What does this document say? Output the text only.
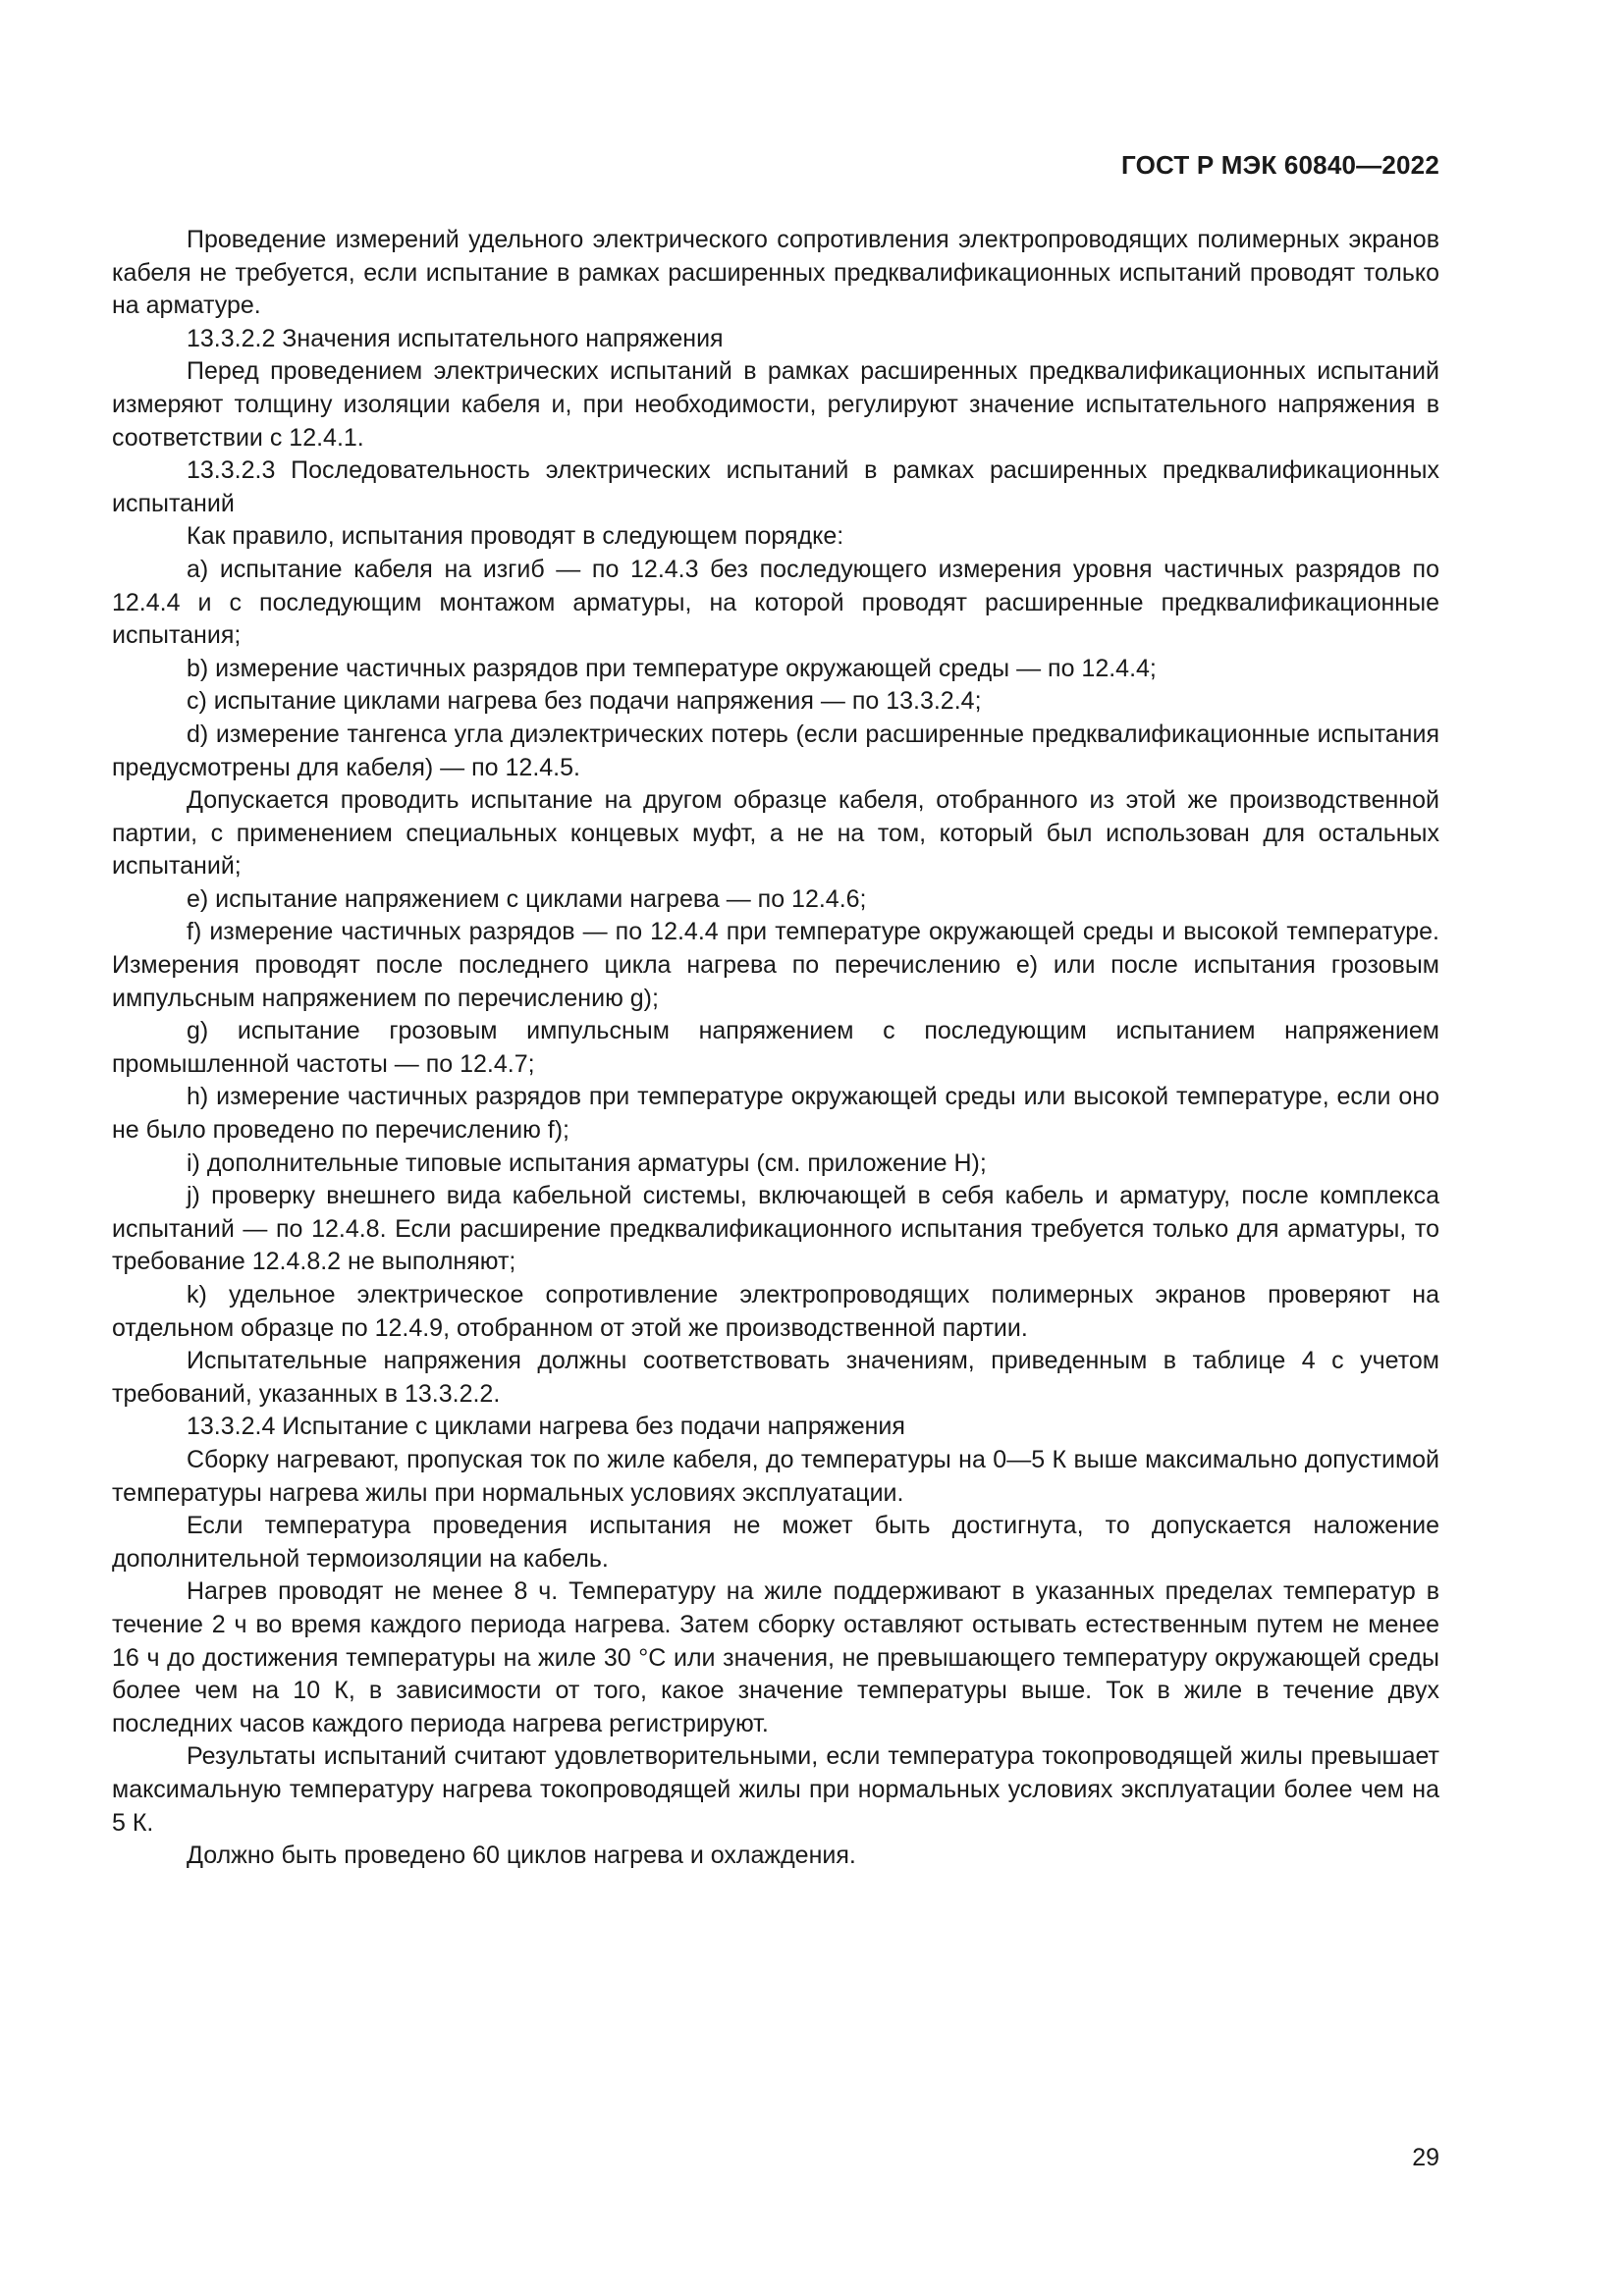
ГОСТ Р МЭК 60840—2022

Проведение измерений удельного электрического сопротивления электропроводящих полимерных экранов кабеля не требуется, если испытание в рамках расширенных предквалификационных испытаний проводят только на арматуре.

13.3.2.2 Значения испытательного напряжения

Перед проведением электрических испытаний в рамках расширенных предквалификационных испытаний измеряют толщину изоляции кабеля и, при необходимости, регулируют значение испытательного напряжения в соответствии с 12.4.1.

13.3.2.3 Последовательность электрических испытаний в рамках расширенных предквалификационных испытаний

Как правило, испытания проводят в следующем порядке:

a) испытание кабеля на изгиб — по 12.4.3 без последующего измерения уровня частичных разрядов по 12.4.4 и с последующим монтажом арматуры, на которой проводят расширенные предквалификационные испытания;

b) измерение частичных разрядов при температуре окружающей среды — по 12.4.4;

c) испытание циклами нагрева без подачи напряжения — по 13.3.2.4;

d) измерение тангенса угла диэлектрических потерь (если расширенные предквалификационные испытания предусмотрены для кабеля) — по 12.4.5.

Допускается проводить испытание на другом образце кабеля, отобранного из этой же производственной партии, с применением специальных концевых муфт, а не на том, который был использован для остальных испытаний;

e) испытание напряжением с циклами нагрева — по 12.4.6;

f) измерение частичных разрядов — по 12.4.4 при температуре окружающей среды и высокой температуре. Измерения проводят после последнего цикла нагрева по перечислению e) или после испытания грозовым импульсным напряжением по перечислению g);

g) испытание грозовым импульсным напряжением с последующим испытанием напряжением промышленной частоты — по 12.4.7;

h) измерение частичных разрядов при температуре окружающей среды или высокой температуре, если оно не было проведено по перечислению f);

i) дополнительные типовые испытания арматуры (см. приложение H);

j) проверку внешнего вида кабельной системы, включающей в себя кабель и арматуру, после комплекса испытаний — по 12.4.8. Если расширение предквалификационного испытания требуется только для арматуры, то требование 12.4.8.2 не выполняют;

k) удельное электрическое сопротивление электропроводящих полимерных экранов проверяют на отдельном образце по 12.4.9, отобранном от этой же производственной партии.

Испытательные напряжения должны соответствовать значениям, приведенным в таблице 4 с учетом требований, указанных в 13.3.2.2.

13.3.2.4 Испытание с циклами нагрева без подачи напряжения

Сборку нагревают, пропуская ток по жиле кабеля, до температуры на 0—5 К выше максимально допустимой температуры нагрева жилы при нормальных условиях эксплуатации.

Если температура проведения испытания не может быть достигнута, то допускается наложение дополнительной термоизоляции на кабель.

Нагрев проводят не менее 8 ч. Температуру на жиле поддерживают в указанных пределах температур в течение 2 ч во время каждого периода нагрева. Затем сборку оставляют остывать естественным путем не менее 16 ч до достижения температуры на жиле 30 °С или значения, не превышающего температуру окружающей среды более чем на 10 К, в зависимости от того, какое значение температуры выше. Ток в жиле в течение двух последних часов каждого периода нагрева регистрируют.

Результаты испытаний считают удовлетворительными, если температура токопроводящей жилы превышает максимальную температуру нагрева токопроводящей жилы при нормальных условиях эксплуатации более чем на 5 К.

Должно быть проведено 60 циклов нагрева и охлаждения.

29
